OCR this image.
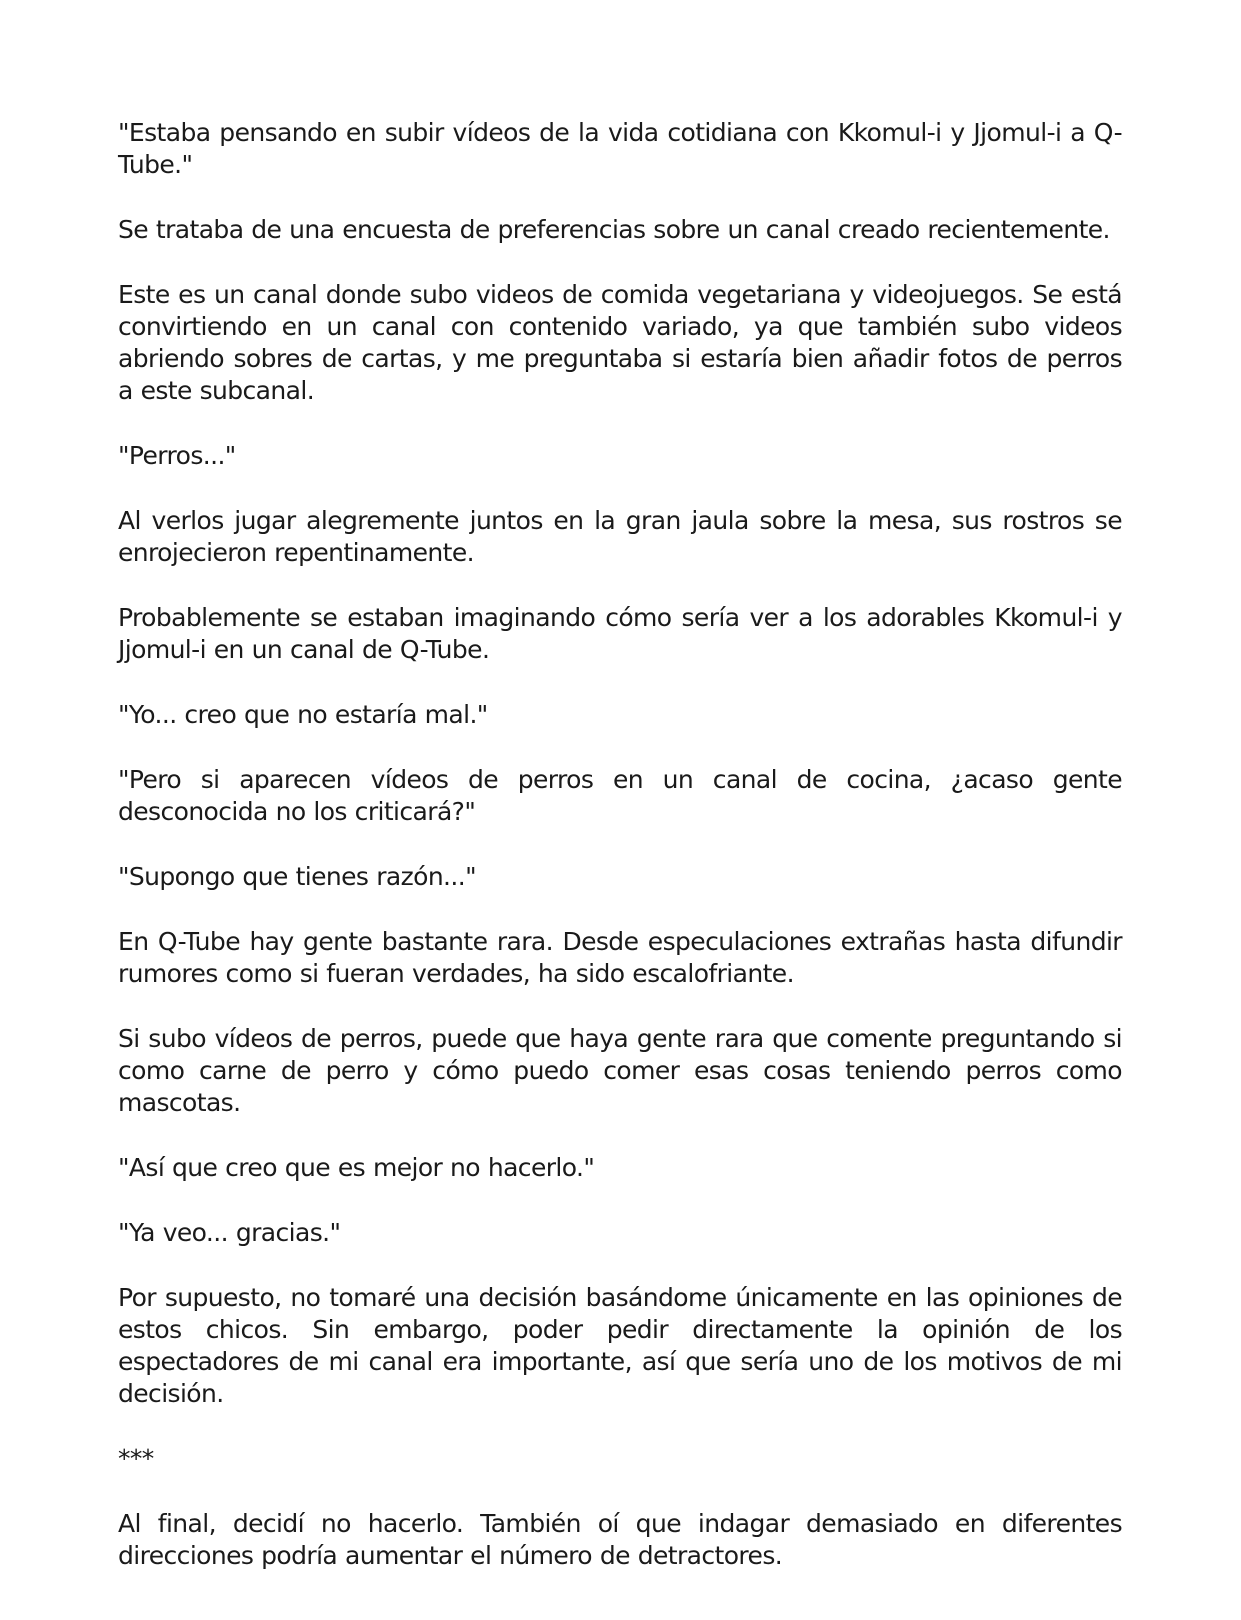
"Estaba pensando en subir vídeos de la vida cotidiana con Kkomul-i y Jjomul-i a Q-Tube."

Se trataba de una encuesta de preferencias sobre un canal creado recientemente.

Este es un canal donde subo videos de comida vegetariana y videojuegos. Se está convirtiendo en un canal con contenido variado, ya que también subo videos abriendo sobres de cartas, y me preguntaba si estaría bien añadir fotos de perros a este subcanal.

"Perros..."

Al verlos jugar alegremente juntos en la gran jaula sobre la mesa, sus rostros se enrojecieron repentinamente.

Probablemente se estaban imaginando cómo sería ver a los adorables Kkomul-i y Jjomul-i en un canal de Q-Tube.

"Yo... creo que no estaría mal."

"Pero si aparecen vídeos de perros en un canal de cocina, ¿acaso gente desconocida no los criticará?"

"Supongo que tienes razón..."

En Q-Tube hay gente bastante rara. Desde especulaciones extrañas hasta difundir rumores como si fueran verdades, ha sido escalofriante.

Si subo vídeos de perros, puede que haya gente rara que comente preguntando si como carne de perro y cómo puedo comer esas cosas teniendo perros como mascotas.

"Así que creo que es mejor no hacerlo."

"Ya veo... gracias."

Por supuesto, no tomaré una decisión basándome únicamente en las opiniones de estos chicos. Sin embargo, poder pedir directamente la opinión de los espectadores de mi canal era importante, así que sería uno de los motivos de mi decisión.

***

Al final, decidí no hacerlo. También oí que indagar demasiado en diferentes direcciones podría aumentar el número de detractores.
